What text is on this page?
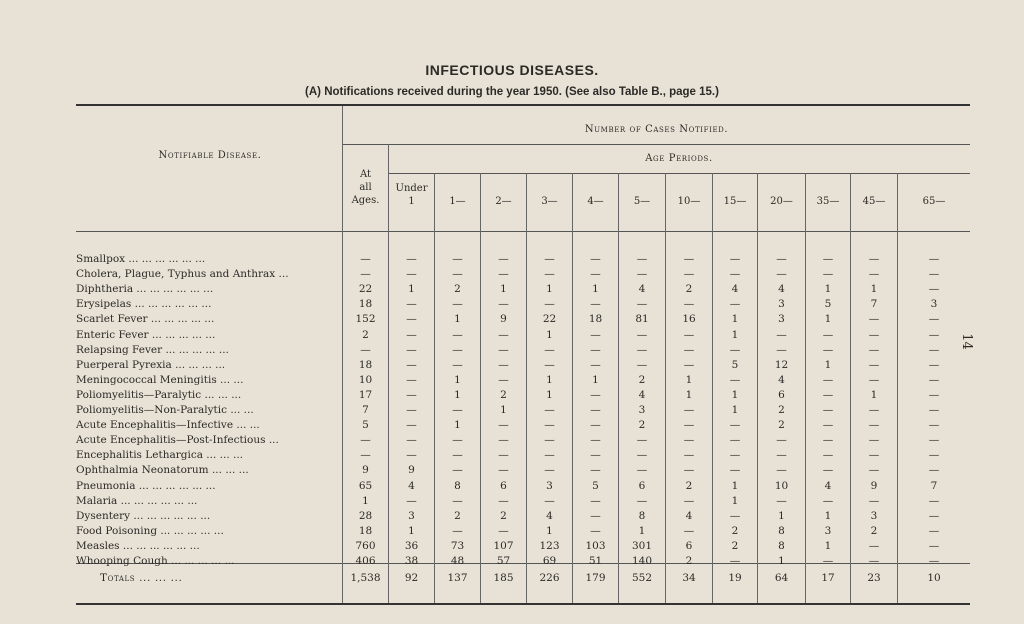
INFECTIOUS DISEASES.
(A) Notifications received during the year 1950. (See also Table B., page 15.)
Notifiable Disease.
Number of Cases Notified.
Age Periods.
At
all
Ages.
Under
1	1—	2—	3—	4—	5—	10—	15—	20—	35—	45—	65—
Smallpox ... ... ... ... ... ...	—	—	—	—	—	—	—	—	—	—	—	—	—
Cholera, Plague, Typhus and Anthrax ...	—	—	—	—	—	—	—	—	—	—	—	—	—
Diphtheria ... ... ... ... ... ...	22	1	2	1	1	1	4	2	4	4	1	1	—
Erysipelas ... ... ... ... ... ...	18	—	—	—	—	—	—	—	—	3	5	7	3
Scarlet Fever ... ... ... ... ...	152	—	1	9	22	18	81	16	1	3	1	—	—
Enteric Fever ... ... ... ... ...	2	—	—	—	1	—	—	—	1	—	—	—	—
Relapsing Fever ... ... ... ... ...	—	—	—	—	—	—	—	—	—	—	—	—	—
Puerperal Pyrexia ... ... ... ...	18	—	—	—	—	—	—	—	5	12	1	—	—
Meningococcal Meningitis ... ...	10	—	1	—	1	1	2	1	—	4	—	—	—
Poliomyelitis—Paralytic ... ... ...	17	—	1	2	1	—	4	1	1	6	—	1	—
Poliomyelitis—Non-Paralytic ... ...	7	—	—	1	—	—	3	—	1	2	—	—	—
Acute Encephalitis—Infective ... ...	5	—	1	—	—	—	2	—	—	2	—	—	—
Acute Encephalitis—Post-Infectious ...	—	—	—	—	—	—	—	—	—	—	—	—	—
Encephalitis Lethargica ... ... ...	—	—	—	—	—	—	—	—	—	—	—	—	—
Ophthalmia Neonatorum ... ... ...	9	9	—	—	—	—	—	—	—	—	—	—	—
Pneumonia ... ... ... ... ... ...	65	4	8	6	3	5	6	2	1	10	4	9	7
Malaria ... ... ... ... ... ...	1	—	—	—	—	—	—	—	1	—	—	—	—
Dysentery ... ... ... ... ... ...	28	3	2	2	4	—	8	4	—	1	1	3	—
Food Poisoning ... ... ... ... ...	18	1	—	—	1	—	1	—	2	8	3	2	—
Measles ... ... ... ... ... ...	760	36	73	107	123	103	301	6	2	8	1	—	—
Whooping Cough ... ... ... ... ...	406	38	48	57	69	51	140	2	—	1	—	—	—
Totals ... ... ...	1,538	92	137	185	226	179	552	34	19	64	17	23	10
14
